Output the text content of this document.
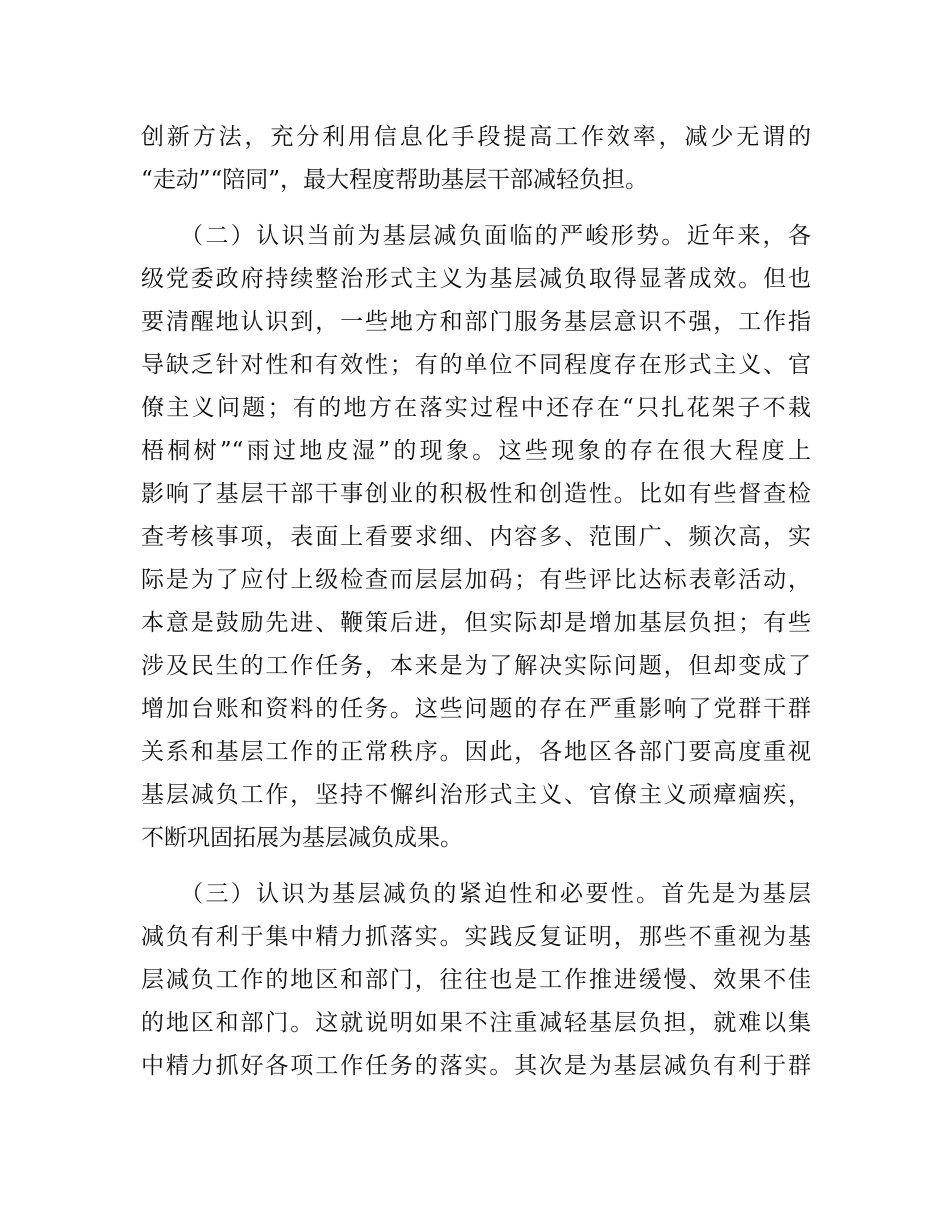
创新方法，充分利用信息化手段提高工作效率，减少无谓的
“走动”“陪同”，最大程度帮助基层干部减轻负担。
　　（二）认识当前为基层减负面临的严峻形势。近年来，各
级党委政府持续整治形式主义为基层减负取得显著成效。但也
要清醒地认识到，一些地方和部门服务基层意识不强，工作指
导缺乏针对性和有效性；有的单位不同程度存在形式主义、官
僚主义问题；有的地方在落实过程中还存在“只扎花架子不栽
梧桐树”“雨过地皮湿”的现象。这些现象的存在很大程度上
影响了基层干部干事创业的积极性和创造性。比如有些督查检
查考核事项，表面上看要求细、内容多、范围广、频次高，实
际是为了应付上级检查而层层加码；有些评比达标表彰活动，
本意是鼓励先进、鞭策后进，但实际却是增加基层负担；有些
涉及民生的工作任务，本来是为了解决实际问题，但却变成了
增加台账和资料的任务。这些问题的存在严重影响了党群干群
关系和基层工作的正常秩序。因此，各地区各部门要高度重视
基层减负工作，坚持不懈纠治形式主义、官僚主义顽瘴痼疾，
不断巩固拓展为基层减负成果。
　　（三）认识为基层减负的紧迫性和必要性。首先是为基层
减负有利于集中精力抓落实。实践反复证明，那些不重视为基
层减负工作的地区和部门，往往也是工作推进缓慢、效果不佳
的地区和部门。这就说明如果不注重减轻基层负担，就难以集
中精力抓好各项工作任务的落实。其次是为基层减负有利于群
